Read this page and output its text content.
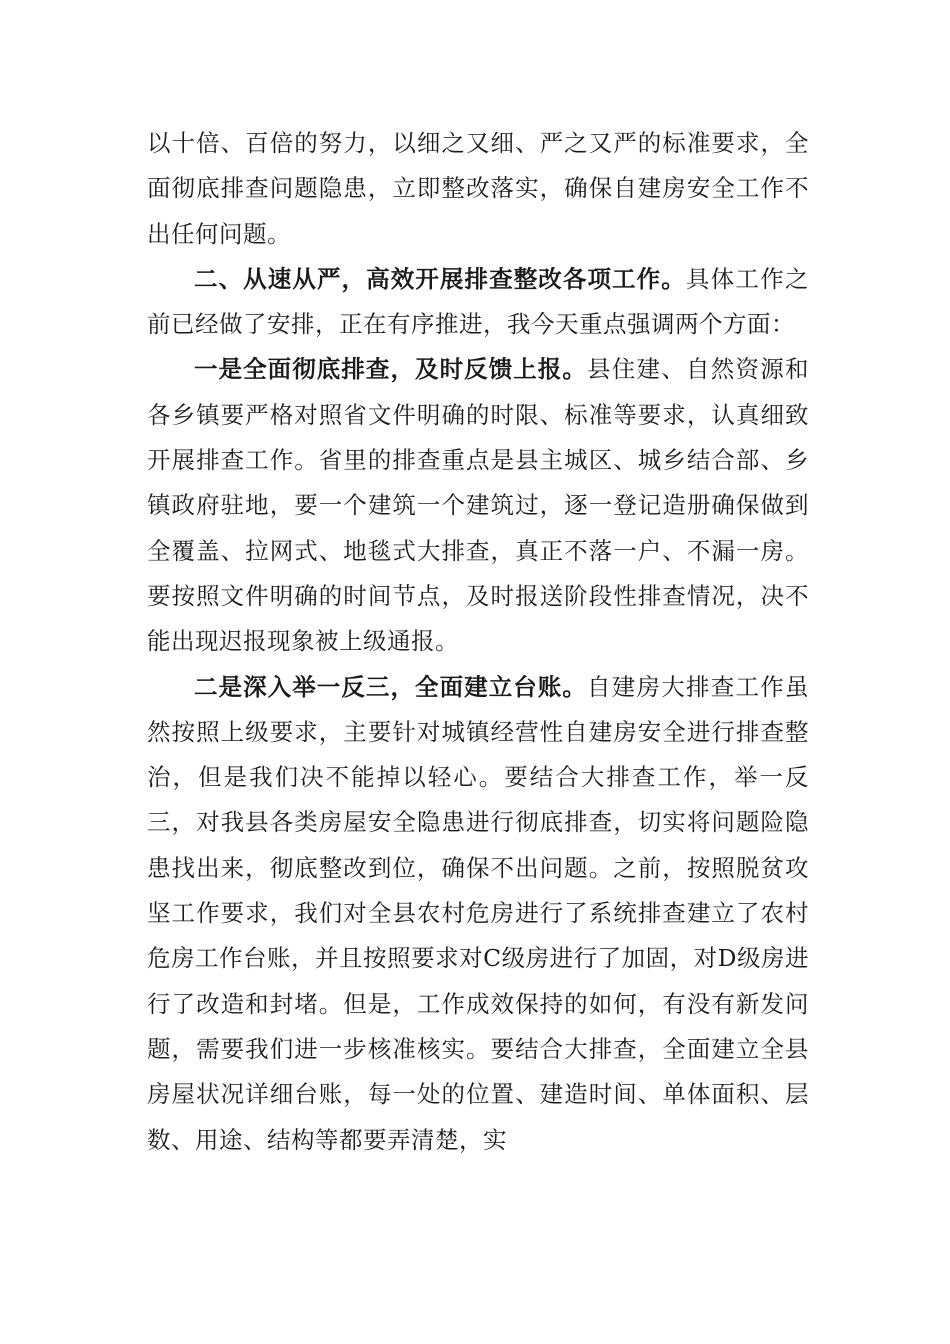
以十倍、百倍的努力，以细之又细、严之又严的标准要求，全面彻底排查问题隐患，立即整改落实，确保自建房安全工作不出任何问题。

二、从速从严，高效开展排查整改各项工作。具体工作之前已经做了安排，正在有序推进，我今天重点强调两个方面：

一是全面彻底排查，及时反馈上报。县住建、自然资源和各乡镇要严格对照省文件明确的时限、标准等要求，认真细致开展排查工作。省里的排查重点是县主城区、城乡结合部、乡镇政府驻地，要一个建筑一个建筑过，逐一登记造册确保做到全覆盖、拉网式、地毯式大排查，真正不落一户、不漏一房。要按照文件明确的时间节点，及时报送阶段性排查情况，决不能出现迟报现象被上级通报。

二是深入举一反三，全面建立台账。自建房大排查工作虽然按照上级要求，主要针对城镇经营性自建房安全进行排查整治，但是我们决不能掉以轻心。要结合大排查工作，举一反三，对我县各类房屋安全隐患进行彻底排查，切实将问题险隐患找出来，彻底整改到位，确保不出问题。之前，按照脱贫攻坚工作要求，我们对全县农村危房进行了系统排查建立了农村危房工作台账，并且按照要求对C级房进行了加固，对D级房进行了改造和封堵。但是，工作成效保持的如何，有没有新发问题，需要我们进一步核准核实。要结合大排查，全面建立全县房屋状况详细台账，每一处的位置、建造时间、单体面积、层数、用途、结构等都要弄清楚，实
